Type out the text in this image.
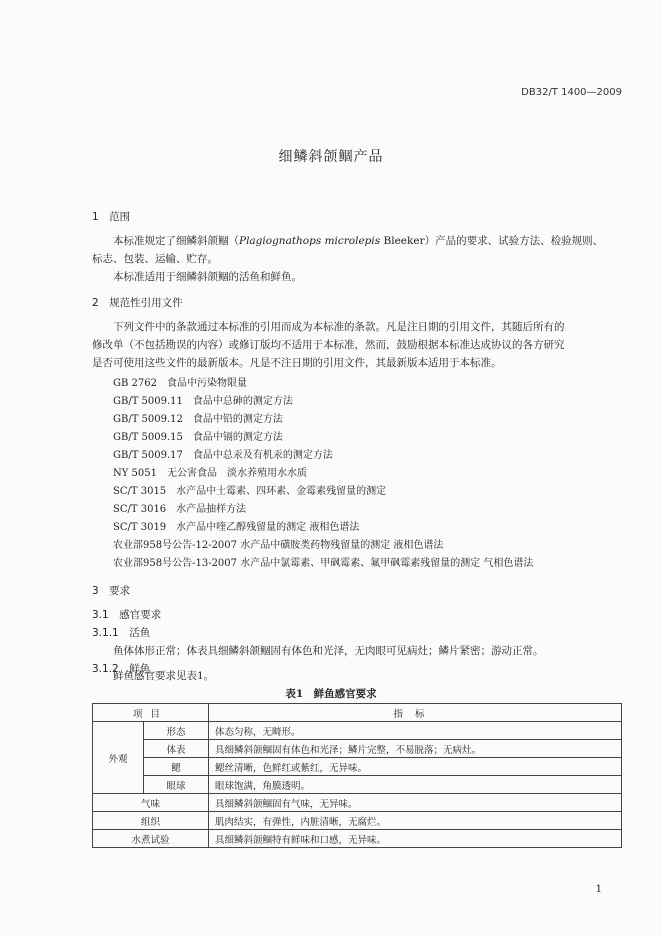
DB32/T 1400—2009
细鳞斜颌鲴产品
1　范围
本标准规定了细鳞斜颌鲴（Plagiognathops microlepis Bleeker）产品的要求、试验方法、检验规则、
标志、包装、运输、贮存。
本标准适用于细鳞斜颌鲴的活鱼和鲜鱼。
2　规范性引用文件
下列文件中的条款通过本标准的引用而成为本标准的条款。凡是注日期的引用文件，其随后所有的
修改单（不包括勘误的内容）或修订版均不适用于本标准，然而，鼓励根据本标准达成协议的各方研究
是否可使用这些文件的最新版本。凡是不注日期的引用文件，其最新版本适用于本标准。
GB 2762　食品中污染物限量
GB/T 5009.11　食品中总砷的测定方法
GB/T 5009.12　食品中铅的测定方法
GB/T 5009.15　食品中镉的测定方法
GB/T 5009.17　食品中总汞及有机汞的测定方法
NY 5051　无公害食品　淡水养殖用水水质
SC/T 3015　水产品中土霉素、四环素、金霉素残留量的测定
SC/T 3016　水产品抽样方法
SC/T 3019　水产品中喹乙醇残留量的测定 液相色谱法
农业部958号公告-12-2007 水产品中磺胺类药物残留量的测定 液相色谱法
农业部958号公告-13-2007 水产品中氯霉素、甲砜霉素、氟甲砜霉素残留量的测定 气相色谱法
3　要求
3.1　感官要求
3.1.1　活鱼
鱼体体形正常；体表具细鳞斜颌鲴固有体色和光泽，无肉眼可见病灶；鳞片紧密；游动正常。
3.1.2　鲜鱼
鲜鱼感官要求见表1。
表1　鲜鱼感官要求
项目		指标
外观	形态	体态匀称，无畸形。
	体表	具细鳞斜颌鲴固有体色和光泽；鳞片完整，不易脱落；无病灶。
	鳃	鳃丝清晰，色鲜红或紫红，无异味。
	眼球	眼球饱满，角膜透明。
气味		具细鳞斜颌鲴固有气味，无异味。
组织		肌肉结实，有弹性，内脏清晰，无腐烂。
水煮试验		具细鳞斜颌鲴特有鲜味和口感，无异味。
1
